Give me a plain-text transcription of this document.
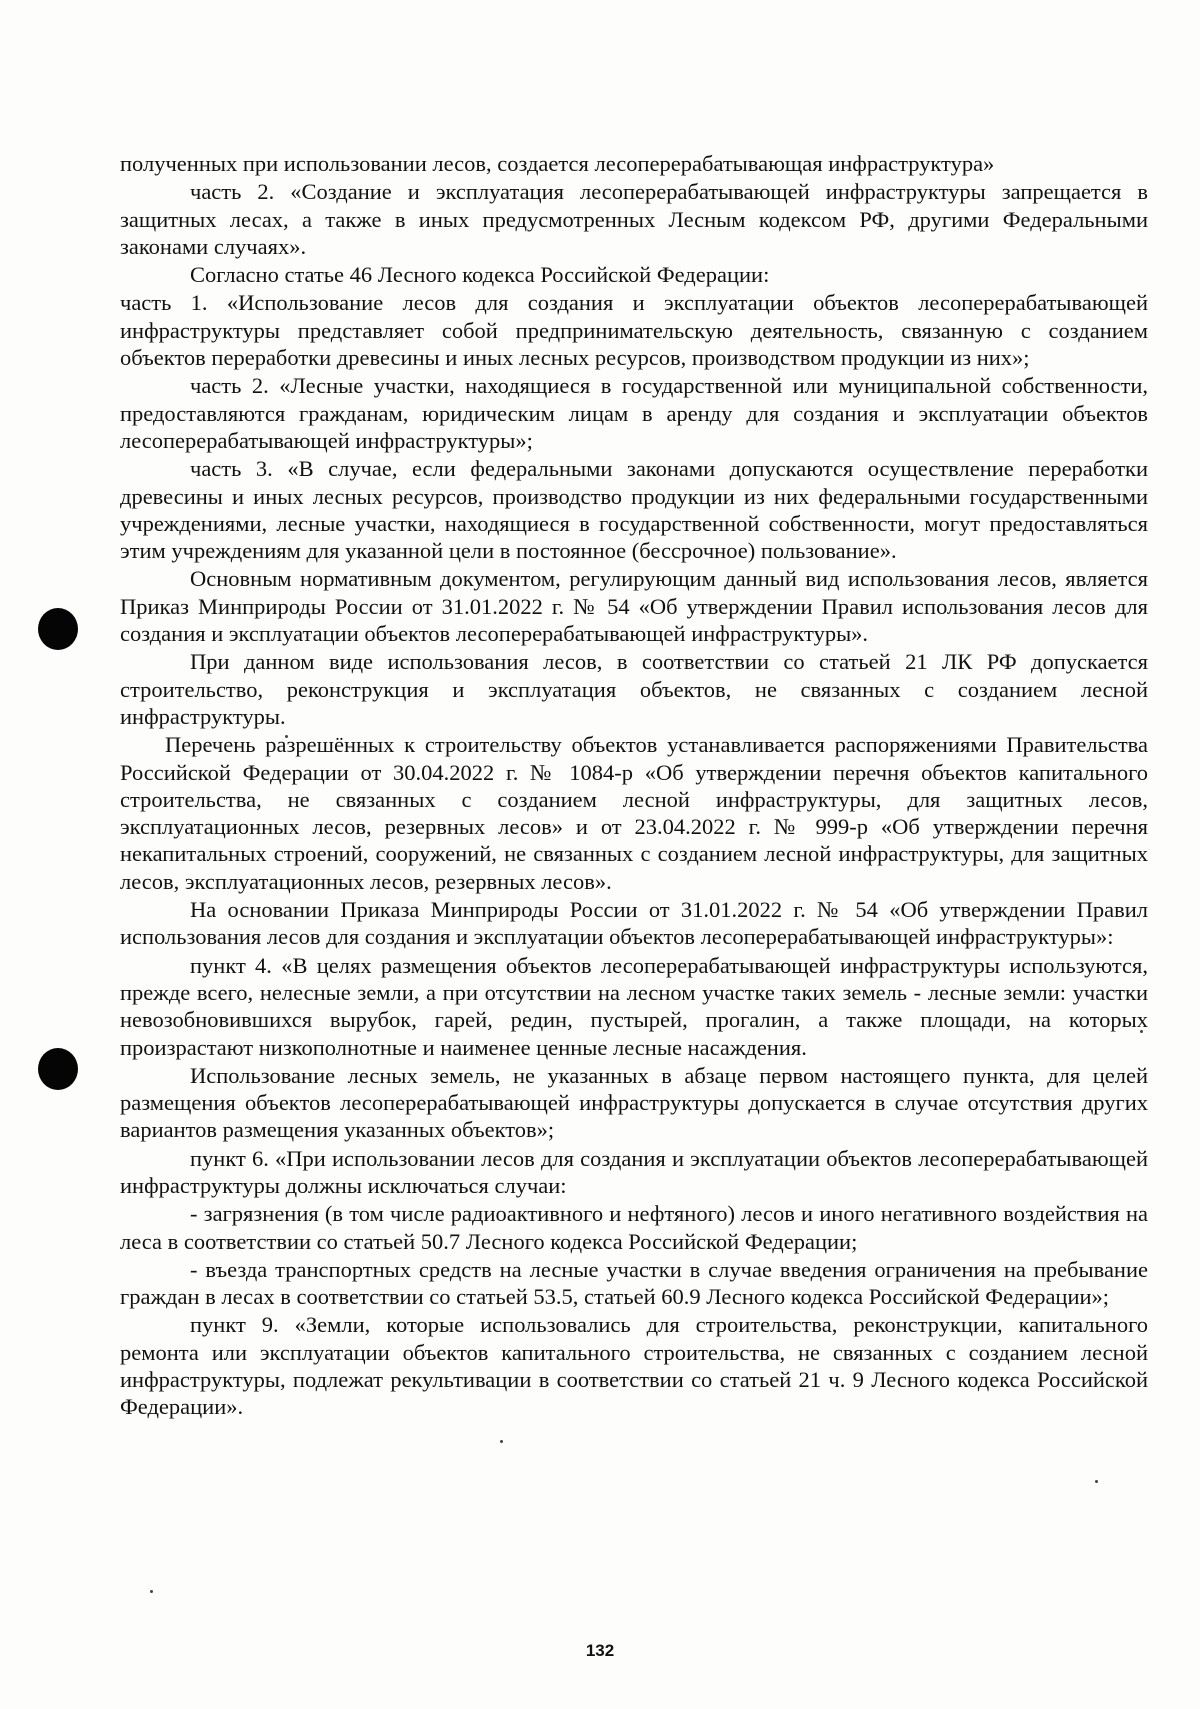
полученных при использовании лесов, создается лесоперерабатывающая инфраструктура»

часть 2. «Создание и эксплуатация лесоперерабатывающей инфраструктуры запрещается в защитных лесах, а также в иных предусмотренных Лесным кодексом РФ, другими Федеральными законами случаях».

Согласно статье 46 Лесного кодекса Российской Федерации:

часть 1. «Использование лесов для создания и эксплуатации объектов лесоперерабатывающей инфраструктуры представляет собой предпринимательскую деятельность, связанную с созданием объектов переработки древесины и иных лесных ресурсов, производством продукции из них»;

часть 2. «Лесные участки, находящиеся в государственной или муниципальной собственности, предоставляются гражданам, юридическим лицам в аренду для создания и эксплуатации объектов лесоперерабатывающей инфраструктуры»;

часть 3. «В случае, если федеральными законами допускаются осуществление переработки древесины и иных лесных ресурсов, производство продукции из них федеральными государственными учреждениями, лесные участки, находящиеся в государственной собственности, могут предоставляться этим учреждениям для указанной цели в постоянное (бессрочное) пользование».

Основным нормативным документом, регулирующим данный вид использования лесов, является Приказ Минприроды России от 31.01.2022 г. № 54 «Об утверждении Правил использования лесов для создания и эксплуатации объектов лесоперерабатывающей инфраструктуры».

При данном виде использования лесов, в соответствии со статьей 21 ЛК РФ допускается строительство, реконструкция и эксплуатация объектов, не связанных с созданием лесной инфраструктуры.

Перечень разрешённых к строительству объектов устанавливается распоряжениями Правительства Российской Федерации от 30.04.2022 г. № 1084-р «Об утверждении перечня объектов капитального строительства, не связанных с созданием лесной инфраструктуры, для защитных лесов, эксплуатационных лесов, резервных лесов» и от 23.04.2022 г. № 999-р «Об утверждении перечня некапитальных строений, сооружений, не связанных с созданием лесной инфраструктуры, для защитных лесов, эксплуатационных лесов, резервных лесов».

На основании Приказа Минприроды России от 31.01.2022 г. № 54 «Об утверждении Правил использования лесов для создания и эксплуатации объектов лесоперерабатывающей инфраструктуры»:

пункт 4. «В целях размещения объектов лесоперерабатывающей инфраструктуры используются, прежде всего, нелесные земли, а при отсутствии на лесном участке таких земель - лесные земли: участки невозобновившихся вырубок, гарей, редин, пустырей, прогалин, а также площади, на которых произрастают низкополнотные и наименее ценные лесные насаждения.

Использование лесных земель, не указанных в абзаце первом настоящего пункта, для целей размещения объектов лесоперерабатывающей инфраструктуры допускается в случае отсутствия других вариантов размещения указанных объектов»;

пункт 6. «При использовании лесов для создания и эксплуатации объектов лесоперерабатывающей инфраструктуры должны исключаться случаи:

- загрязнения (в том числе радиоактивного и нефтяного) лесов и иного негативного воздействия на леса в соответствии со статьей 50.7 Лесного кодекса Российской Федерации;

- въезда транспортных средств на лесные участки в случае введения ограничения на пребывание граждан в лесах в соответствии со статьей 53.5, статьей 60.9 Лесного кодекса Российской Федерации»;

пункт 9. «Земли, которые использовались для строительства, реконструкции, капитального ремонта или эксплуатации объектов капитального строительства, не связанных с созданием лесной инфраструктуры, подлежат рекультивации в соответствии со статьей 21 ч. 9 Лесного кодекса Российской Федерации».

132
